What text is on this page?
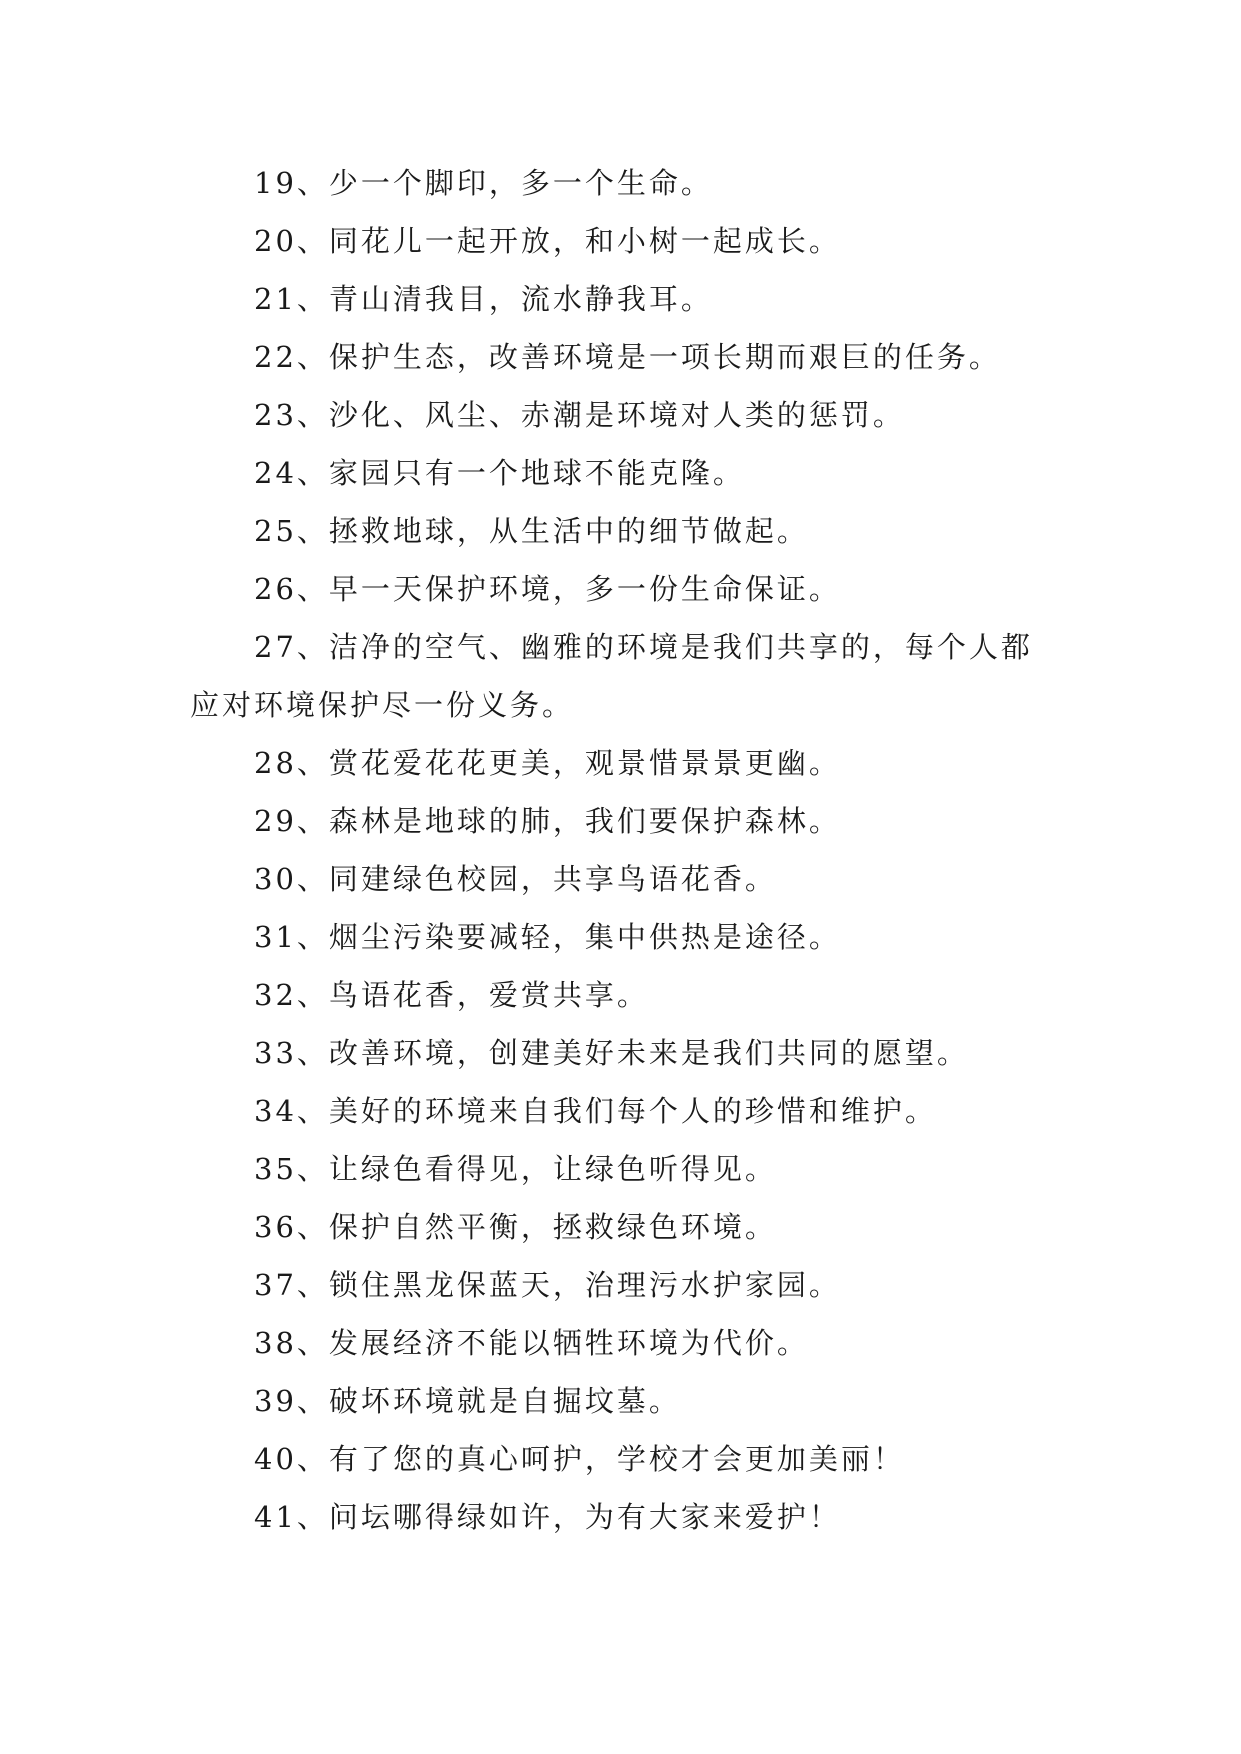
19、少一个脚印，多一个生命。
20、同花儿一起开放，和小树一起成长。
21、青山清我目，流水静我耳。
22、保护生态，改善环境是一项长期而艰巨的任务。
23、沙化、风尘、赤潮是环境对人类的惩罚。
24、家园只有一个地球不能克隆。
25、拯救地球，从生活中的细节做起。
26、早一天保护环境，多一份生命保证。
27、洁净的空气、幽雅的环境是我们共享的，每个人都
应对环境保护尽一份义务。
28、赏花爱花花更美，观景惜景景更幽。
29、森林是地球的肺，我们要保护森林。
30、同建绿色校园，共享鸟语花香。
31、烟尘污染要减轻，集中供热是途径。
32、鸟语花香，爱赏共享。
33、改善环境，创建美好未来是我们共同的愿望。
34、美好的环境来自我们每个人的珍惜和维护。
35、让绿色看得见，让绿色听得见。
36、保护自然平衡，拯救绿色环境。
37、锁住黑龙保蓝天，治理污水护家园。
38、发展经济不能以牺牲环境为代价。
39、破坏环境就是自掘坟墓。
40、有了您的真心呵护，学校才会更加美丽！
41、问坛哪得绿如许，为有大家来爱护！
